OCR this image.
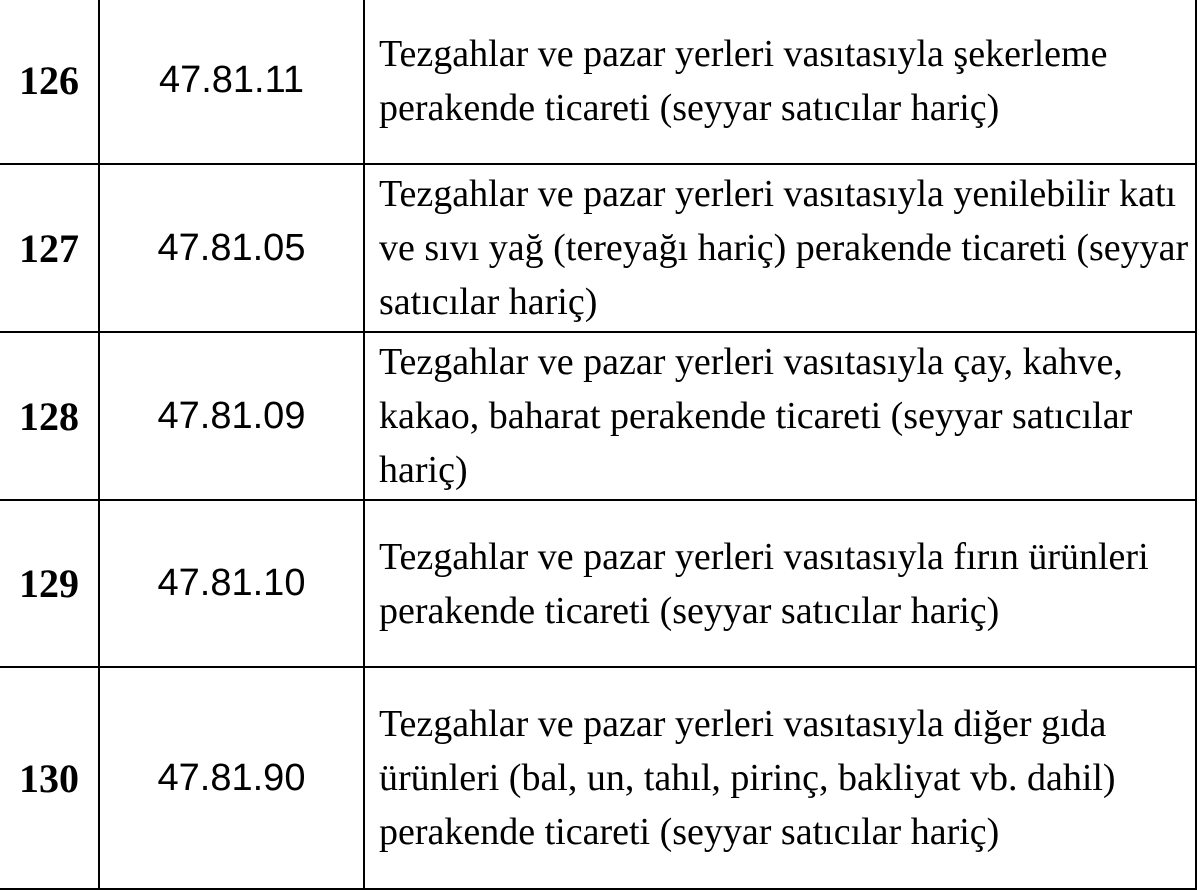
126	47.81.11	Tezgahlar ve pazar yerleri vasıtasıyla şekerleme perakende ticareti (seyyar satıcılar hariç)
127	47.81.05	Tezgahlar ve pazar yerleri vasıtasıyla yenilebilir katı ve sıvı yağ (tereyağı hariç) perakende ticareti (seyyar satıcılar hariç)
128	47.81.09	Tezgahlar ve pazar yerleri vasıtasıyla çay, kahve, kakao, baharat perakende ticareti (seyyar satıcılar hariç)
129	47.81.10	Tezgahlar ve pazar yerleri vasıtasıyla fırın ürünleri perakende ticareti (seyyar satıcılar hariç)
130	47.81.90	Tezgahlar ve pazar yerleri vasıtasıyla diğer gıda ürünleri (bal, un, tahıl, pirinç, bakliyat vb. dahil) perakende ticareti (seyyar satıcılar hariç)
